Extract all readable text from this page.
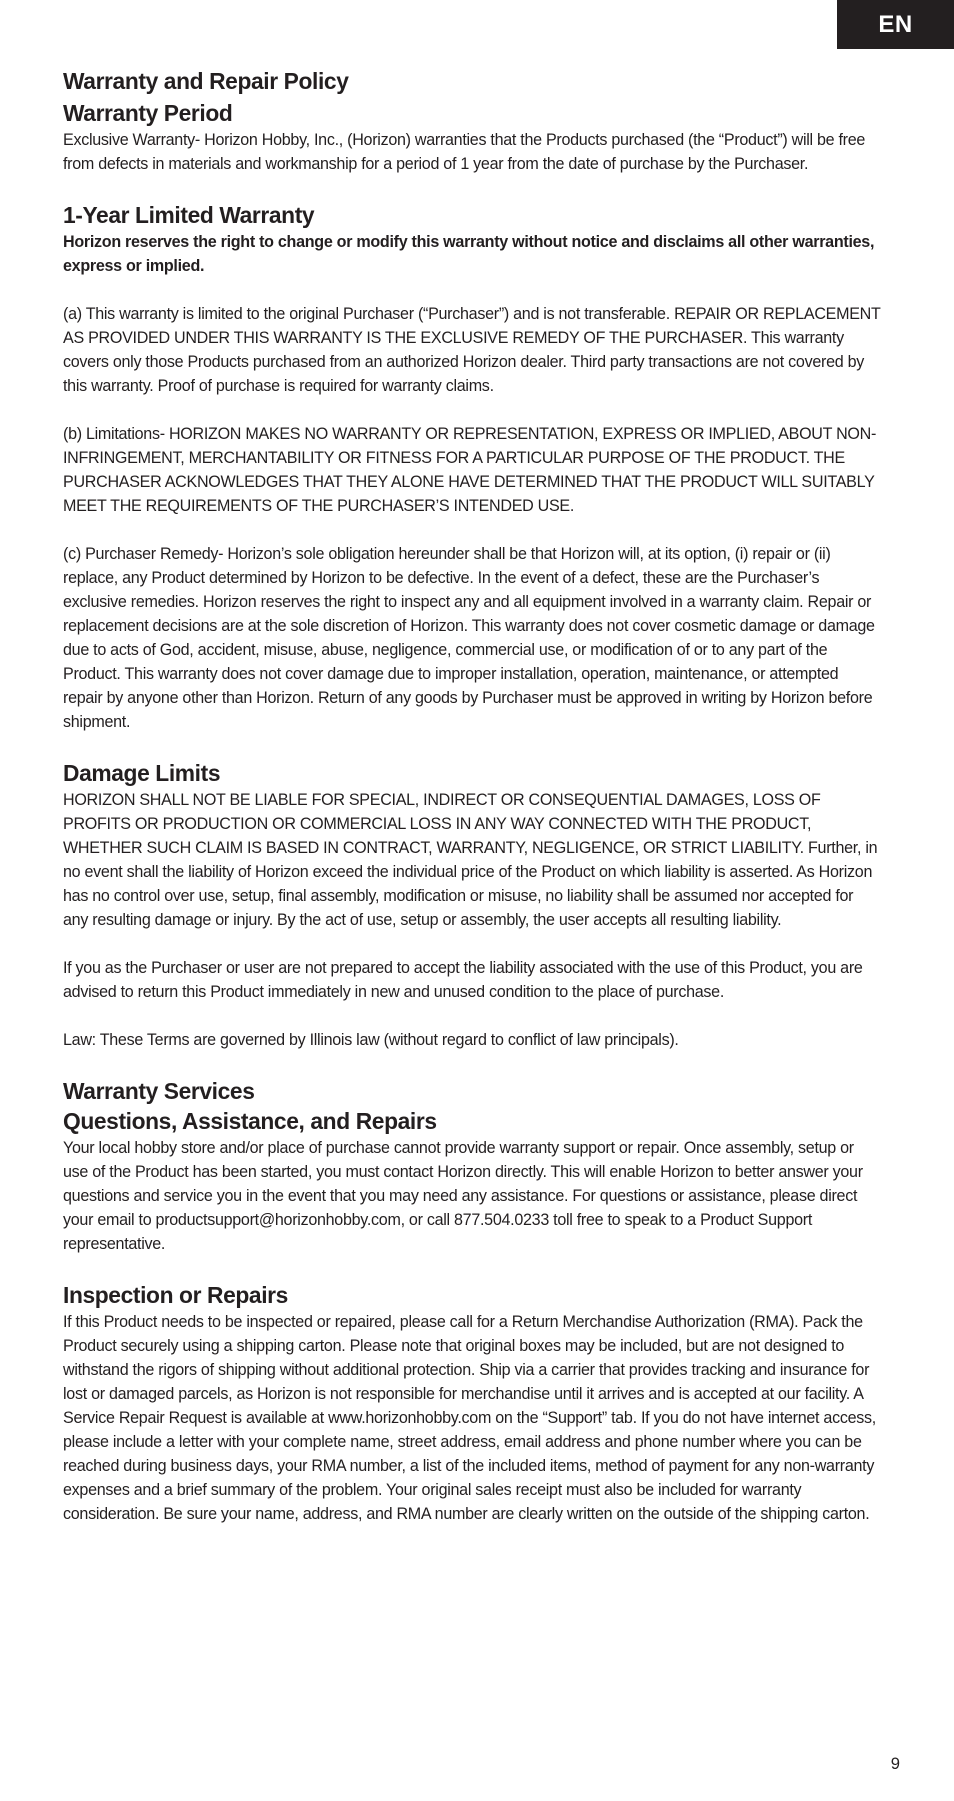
EN
Warranty and Repair Policy
Warranty Period

Exclusive Warranty- Horizon Hobby, Inc., (Horizon) warranties that the Products purchased (the “Product”) will be free from defects in materials and workmanship for a period of 1 year from the date of purchase by the Purchaser.

1-Year Limited Warranty

Horizon reserves the right to change or modify this warranty without notice and disclaims all other warranties, express or implied.

(a) This warranty is limited to the original Purchaser (“Purchaser”) and is not transferable. REPAIR OR REPLACEMENT AS PROVIDED UNDER THIS WARRANTY IS THE EXCLUSIVE REMEDY OF THE PURCHASER. This warranty covers only those Products purchased from an authorized Horizon dealer. Third party transactions are not covered by this warranty. Proof of purchase is required for warranty claims.

(b) Limitations- HORIZON MAKES NO WARRANTY OR REPRESENTATION, EXPRESS OR IMPLIED, ABOUT NON-INFRINGEMENT, MERCHANTABILITY OR FITNESS FOR A PARTICULAR PURPOSE OF THE PRODUCT. THE PURCHASER ACKNOWLEDGES THAT THEY ALONE HAVE DETERMINED THAT THE PRODUCT WILL SUITABLY MEET THE REQUIREMENTS OF THE PURCHASER’S INTENDED USE.

(c) Purchaser Remedy- Horizon’s sole obligation hereunder shall be that Horizon will, at its option, (i) repair or (ii) replace, any Product determined by Horizon to be defective. In the event of a defect, these are the Purchaser’s exclusive remedies. Horizon reserves the right to inspect any and all equipment involved in a warranty claim. Repair or replacement decisions are at the sole discretion of Horizon. This warranty does not cover cosmetic damage or damage due to acts of God, accident, misuse, abuse, negligence, commercial use, or modification of or to any part of the Product. This warranty does not cover damage due to improper installation, operation, maintenance, or attempted repair by anyone other than Horizon. Return of any goods by Purchaser must be approved in writing by Horizon before shipment.

Damage Limits

HORIZON SHALL NOT BE LIABLE FOR SPECIAL, INDIRECT OR CONSEQUENTIAL DAMAGES, LOSS OF PROFITS OR PRODUCTION OR COMMERCIAL LOSS IN ANY WAY CONNECTED WITH THE PRODUCT, WHETHER SUCH CLAIM IS BASED IN CONTRACT, WARRANTY, NEGLIGENCE, OR STRICT LIABILITY. Further, in no event shall the liability of Horizon exceed the individual price of the Product on which liability is asserted. As Horizon has no control over use, setup, final assembly, modification or misuse, no liability shall be assumed nor accepted for any resulting damage or injury. By the act of use, setup or assembly, the user accepts all resulting liability.

If you as the Purchaser or user are not prepared to accept the liability associated with the use of this Product, you are advised to return this Product immediately in new and unused condition to the place of purchase.

Law: These Terms are governed by Illinois law (without regard to conflict of law principals).

Warranty Services
Questions, Assistance, and Repairs

Your local hobby store and/or place of purchase cannot provide warranty support or repair. Once assembly, setup or use of the Product has been started, you must contact Horizon directly. This will enable Horizon to better answer your questions and service you in the event that you may need any assistance. For questions or assistance, please direct your email to productsupport@horizonhobby.com, or call 877.504.0233 toll free to speak to a Product Support representative.

Inspection or Repairs

If this Product needs to be inspected or repaired, please call for a Return Merchandise Authorization (RMA). Pack the Product securely using a shipping carton. Please note that original boxes may be included, but are not designed to withstand the rigors of shipping without additional protection. Ship via a carrier that provides tracking and insurance for lost or damaged parcels, as Horizon is not responsible for merchandise until it arrives and is accepted at our facility. A Service Repair Request is available at www.horizonhobby.com on the “Support” tab. If you do not have internet access, please include a letter with your complete name, street address, email address and phone number where you can be reached during business days, your RMA number, a list of the included items, method of payment for any non-warranty expenses and a brief summary of the problem. Your original sales receipt must also be included for warranty consideration. Be sure your name, address, and RMA number are clearly written on the outside of the shipping carton.

9
